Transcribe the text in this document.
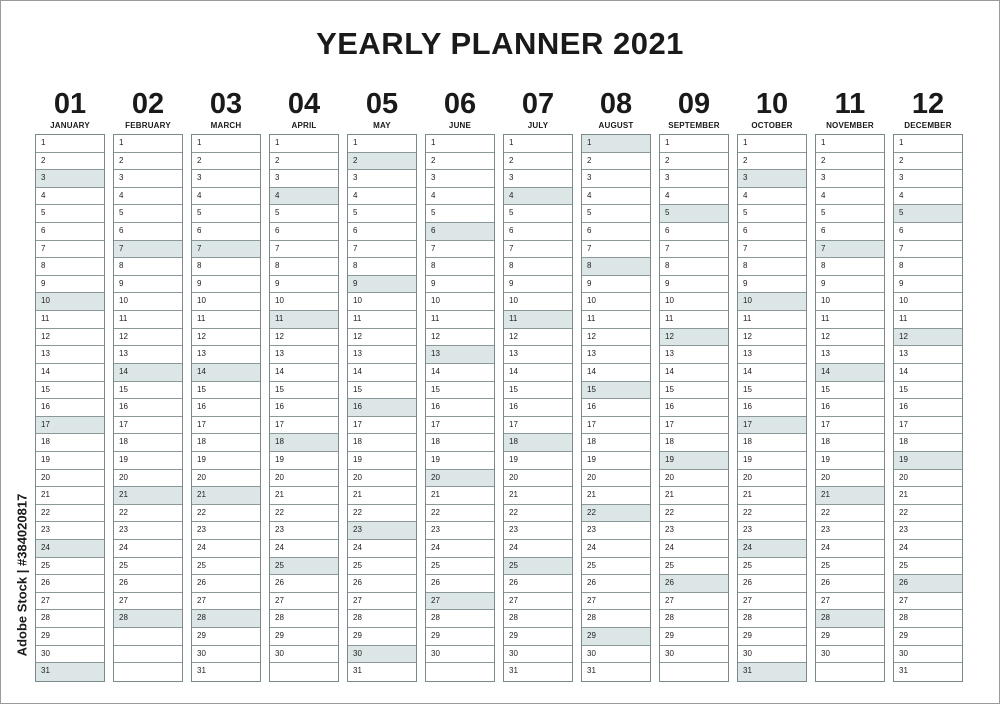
YEARLY PLANNER 2021
01
JANUARY
1
2
3
4
5
6
7
8
9
10
11
12
13
14
15
16
17
18
19
20
21
22
23
24
25
26
27
28
29
30
31
02
FEBRUARY
1
2
3
4
5
6
7
8
9
10
11
12
13
14
15
16
17
18
19
20
21
22
23
24
25
26
27
28
03
MARCH
1
2
3
4
5
6
7
8
9
10
11
12
13
14
15
16
17
18
19
20
21
22
23
24
25
26
27
28
29
30
31
04
APRIL
1
2
3
4
5
6
7
8
9
10
11
12
13
14
15
16
17
18
19
20
21
22
23
24
25
26
27
28
29
30
05
MAY
1
2
3
4
5
6
7
8
9
10
11
12
13
14
15
16
17
18
19
20
21
22
23
24
25
26
27
28
29
30
31
06
JUNE
1
2
3
4
5
6
7
8
9
10
11
12
13
14
15
16
17
18
19
20
21
22
23
24
25
26
27
28
29
30
07
JULY
1
2
3
4
5
6
7
8
9
10
11
12
13
14
15
16
17
18
19
20
21
22
23
24
25
26
27
28
29
30
31
08
AUGUST
1
2
3
4
5
6
7
8
9
10
11
12
13
14
15
16
17
18
19
20
21
22
23
24
25
26
27
28
29
30
31
09
SEPTEMBER
1
2
3
4
5
6
7
8
9
10
11
12
13
14
15
16
17
18
19
20
21
22
23
24
25
26
27
28
29
30
10
OCTOBER
1
2
3
4
5
6
7
8
9
10
11
12
13
14
15
16
17
18
19
20
21
22
23
24
25
26
27
28
29
30
31
11
NOVEMBER
1
2
3
4
5
6
7
8
9
10
11
12
13
14
15
16
17
18
19
20
21
22
23
24
25
26
27
28
29
30
12
DECEMBER
1
2
3
4
5
6
7
8
9
10
11
12
13
14
15
16
17
18
19
20
21
22
23
24
25
26
27
28
29
30
31
Adobe Stock | #384020817
